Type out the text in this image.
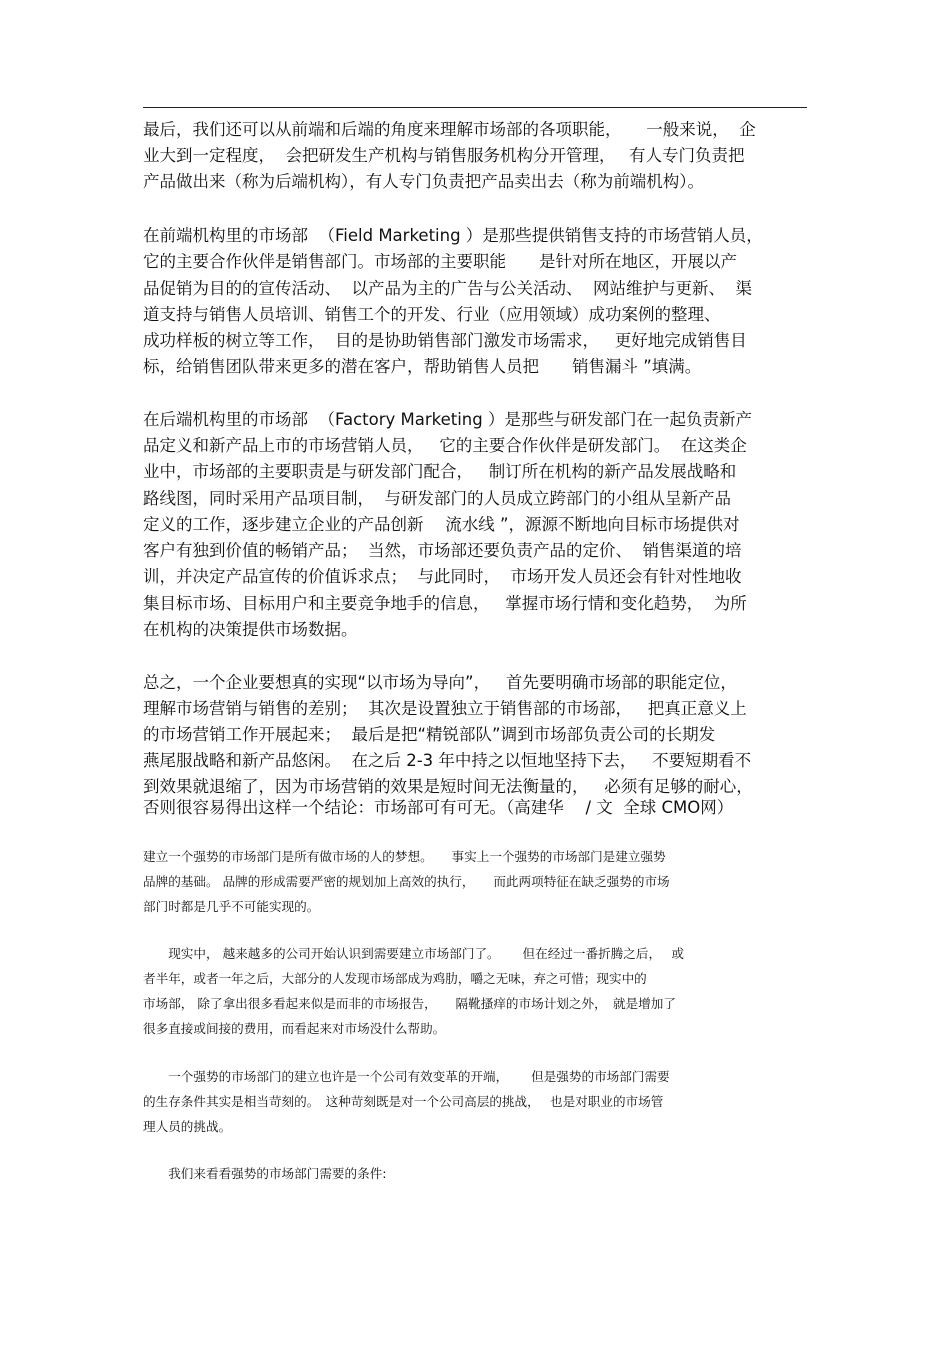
最后，我们还可以从前端和后端的角度来理解市场部的各项职能，　　一般来说，  企

业大到一定程度，  会把研发生产机构与销售服务机构分开管理，　 有人专门负责把

产品做出来（称为后端机构），有人专门负责把产品卖出去（称为前端机构）。

在前端机构里的市场部  （Field Marketing ）是那些提供销售支持的市场营销人员，

它的主要合作伙伴是销售部门。市场部的主要职能　　是针对所在地区，开展以产

品促销为目的的宣传活动、  以产品为主的广告与公关活动、  网站维护与更新、  渠

道支持与销售人员培训、销售工个的开发、行业（应用领域）成功案例的整理、

成功样板的树立等工作，  目的是协助销售部门激发市场需求，   更好地完成销售目

标，给销售团队带来更多的潜在客户，帮助销售人员把　　销售漏斗 ”填满。

在后端机构里的市场部  （Factory Marketing ）是那些与研发部门在一起负责新产

品定义和新产品上市的市场营销人员，   它的主要合作伙伴是研发部门。  在这类企

业中，市场部的主要职责是与研发部门配合，   制订所在机构的新产品发展战略和

路线图，同时采用产品项目制，  与研发部门的人员成立跨部门的小组从呈新产品

定义的工作，逐步建立企业的产品创新　 流水线 ”，源源不断地向目标市场提供对

客户有独到价值的畅销产品；  当然，市场部还要负责产品的定价、  销售渠道的培

训，并决定产品宣传的价值诉求点；  与此同时，  市场开发人员还会有针对性地收

集目标市场、目标用户和主要竞争地手的信息，   掌握市场行情和变化趋势，  为所

在机构的决策提供市场数据。

总之，一个企业要想真的实现“以市场为导向”，   首先要明确市场部的职能定位，

理解市场营销与销售的差别；  其次是设置独立于销售部的市场部，   把真正意义上

的市场营销工作开展起来；  最后是把“精锐部队”调到市场部负责公司的长期发

燕尾服战略和新产品悠闲。  在之后 2-3 年中持之以恒地坚持下去，   不要短期看不

到效果就退缩了，因为市场营销的效果是短时间无法衡量的，   必须有足够的耐心，

否则很容易得出这样一个结论：市场部可有可无。（高建华　 / 文  全球 CMO网）

建立一个强势的市场部门是所有做市场的人的梦想。　　事实上一个强势的市场部门是建立强势

品牌的基础。 品牌的形成需要严密的规划加上高效的执行，　　而此两项特征在缺乏强势的市场

部门时都是几乎不可能实现的。

　　现实中， 越来越多的公司开始认识到需要建立市场部门了。　　 但在经过一番折腾之后，　 或

者半年，或者一年之后，大部分的人发现市场部成为鸡肋，嚼之无味，弃之可惜；现实中的

市场部， 除了拿出很多看起来似是而非的市场报告，　　隔靴搔痒的市场计划之外，　就是增加了

很多直接或间接的费用，而看起来对市场没什么帮助。

　　一个强势的市场部门的建立也许是一个公司有效变革的开端，　　 但是强势的市场部门需要

的生存条件其实是相当苛刻的。　这种苛刻既是对一个公司高层的挑战，　 也是对职业的市场管

理人员的挑战。

　　我们来看看强势的市场部门需要的条件:
